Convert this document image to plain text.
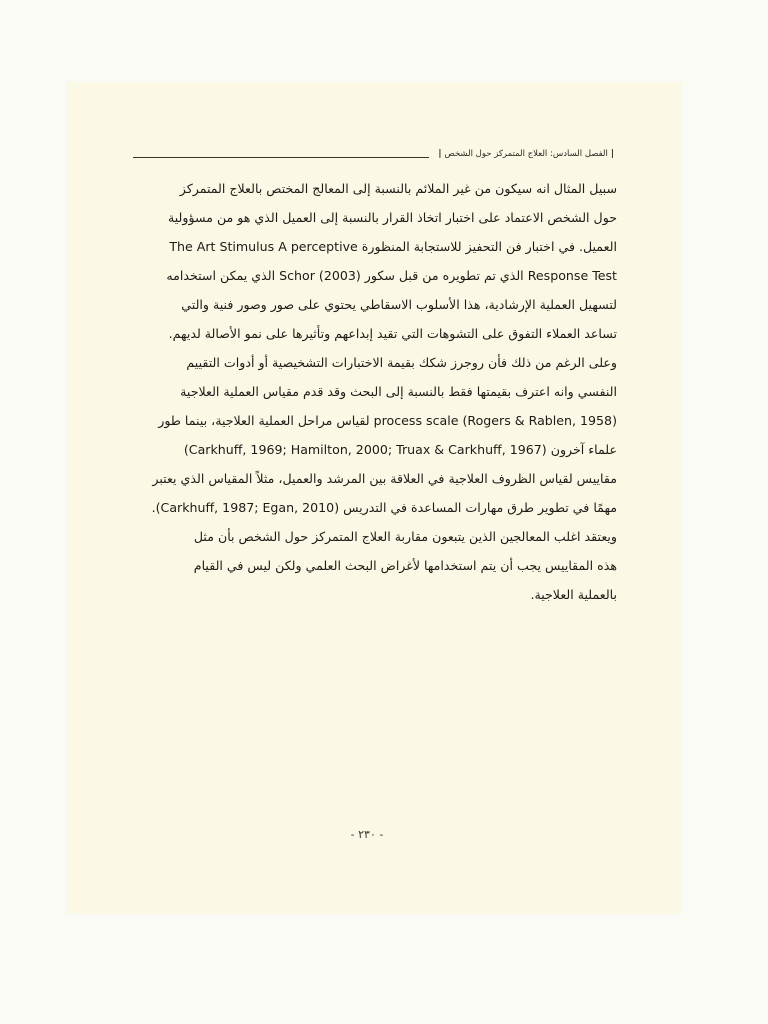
|
الفصل السادس: العلاج المتمركز حول الشخص
|
سبيل المثال انه سيكون من غير الملائم بالنسبة إلى المعالج المختص بالعلاج المتمركز
حول الشخص الاعتماد على اختبار اتخاذ القرار بالنسبة إلى العميل الذي هو من مسؤولية
العميل. في اختبار فن التحفيز للاستجابة المنظورة The Art Stimulus A perceptive
Response Test الذي تم تطويره من قبل سكور Schor (2003) الذي يمكن استخدامه
لتسهيل العملية الإرشادية، هذا الأسلوب الاسقاطي يحتوي على صور وصور فنية والتي
تساعد العملاء التفوق على التشوهات التي تقيد إبداعهم وتأثيرها على نمو الأصالة لديهم.
وعلى الرغم من ذلك فأن روجرز شكك بقيمة الاختبارات التشخيصية أو أدوات التقييم
النفسي وانه اعترف بقيمتها فقط بالنسبة إلى البحث وقد قدم مقياس العملية العلاجية
process scale (Rogers & Rablen, 1958) لقياس مراحل العملية العلاجية، بينما طور
علماء آخرون (Carkhuff, 1969; Hamilton, 2000; Truax & Carkhuff, 1967)
مقاييس لقياس الظروف العلاجية في العلاقة بين المرشد والعميل، مثلاً المقياس الذي يعتبر
مهمًا في تطوير طرق مهارات المساعدة في التدريس (Carkhuff, 1987; Egan, 2010).
ويعتقد اغلب المعالجين الذين يتبعون مقاربة العلاج المتمركز حول الشخص بأن مثل
هذه المقاييس يجب أن يتم استخدامها لأغراض البحث العلمي ولكن ليس في القيام
بالعملية العلاجية.
- ٢٣٠ -
